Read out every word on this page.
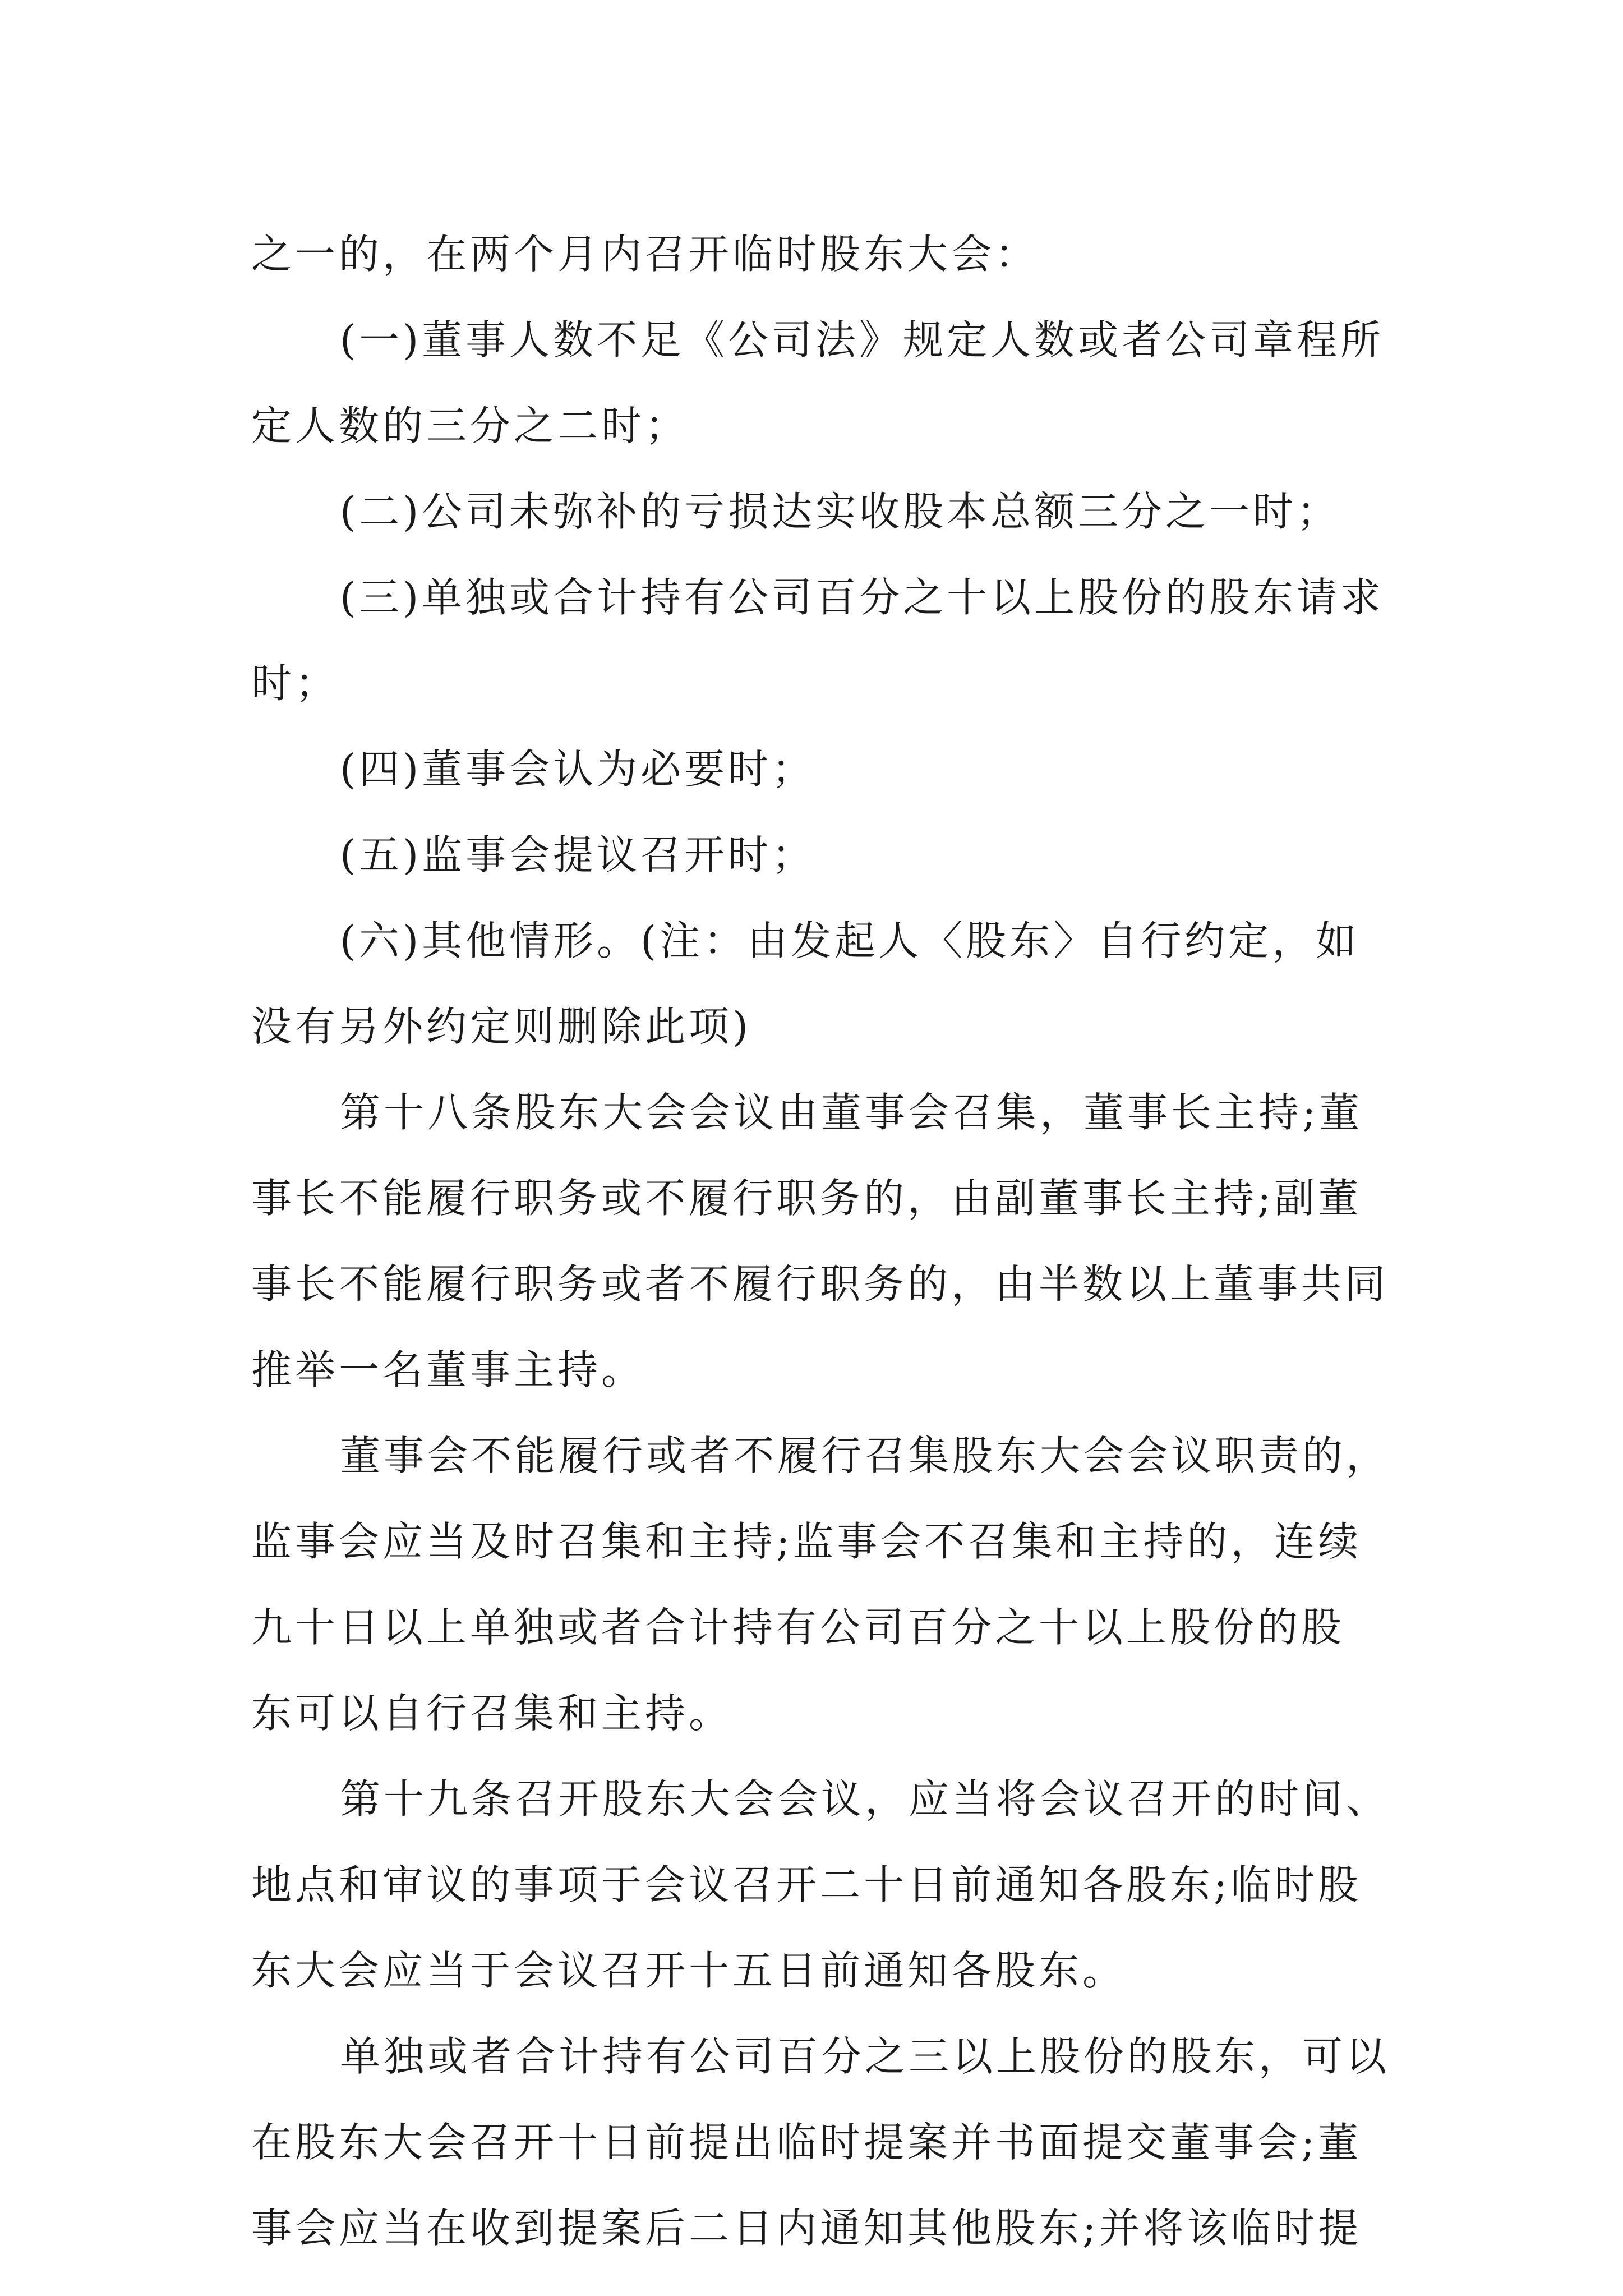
之一的，在两个月内召开临时股东大会：
(一)董事人数不足《公司法》规定人数或者公司章程所
定人数的三分之二时；
(二)公司未弥补的亏损达实收股本总额三分之一时；
(三)单独或合计持有公司百分之十以上股份的股东请求
时；
(四)董事会认为必要时；
(五)监事会提议召开时；
(六)其他情形。(注：由发起人〈股东〉自行约定，如
没有另外约定则删除此项)
第十八条股东大会会议由董事会召集，董事长主持;董
事长不能履行职务或不履行职务的，由副董事长主持;副董
事长不能履行职务或者不履行职务的，由半数以上董事共同
推举一名董事主持。
董事会不能履行或者不履行召集股东大会会议职责的，
监事会应当及时召集和主持;监事会不召集和主持的，连续
九十日以上单独或者合计持有公司百分之十以上股份的股
东可以自行召集和主持。
第十九条召开股东大会会议，应当将会议召开的时间、
地点和审议的事项于会议召开二十日前通知各股东;临时股
东大会应当于会议召开十五日前通知各股东。
单独或者合计持有公司百分之三以上股份的股东，可以
在股东大会召开十日前提出临时提案并书面提交董事会;董
事会应当在收到提案后二日内通知其他股东;并将该临时提
